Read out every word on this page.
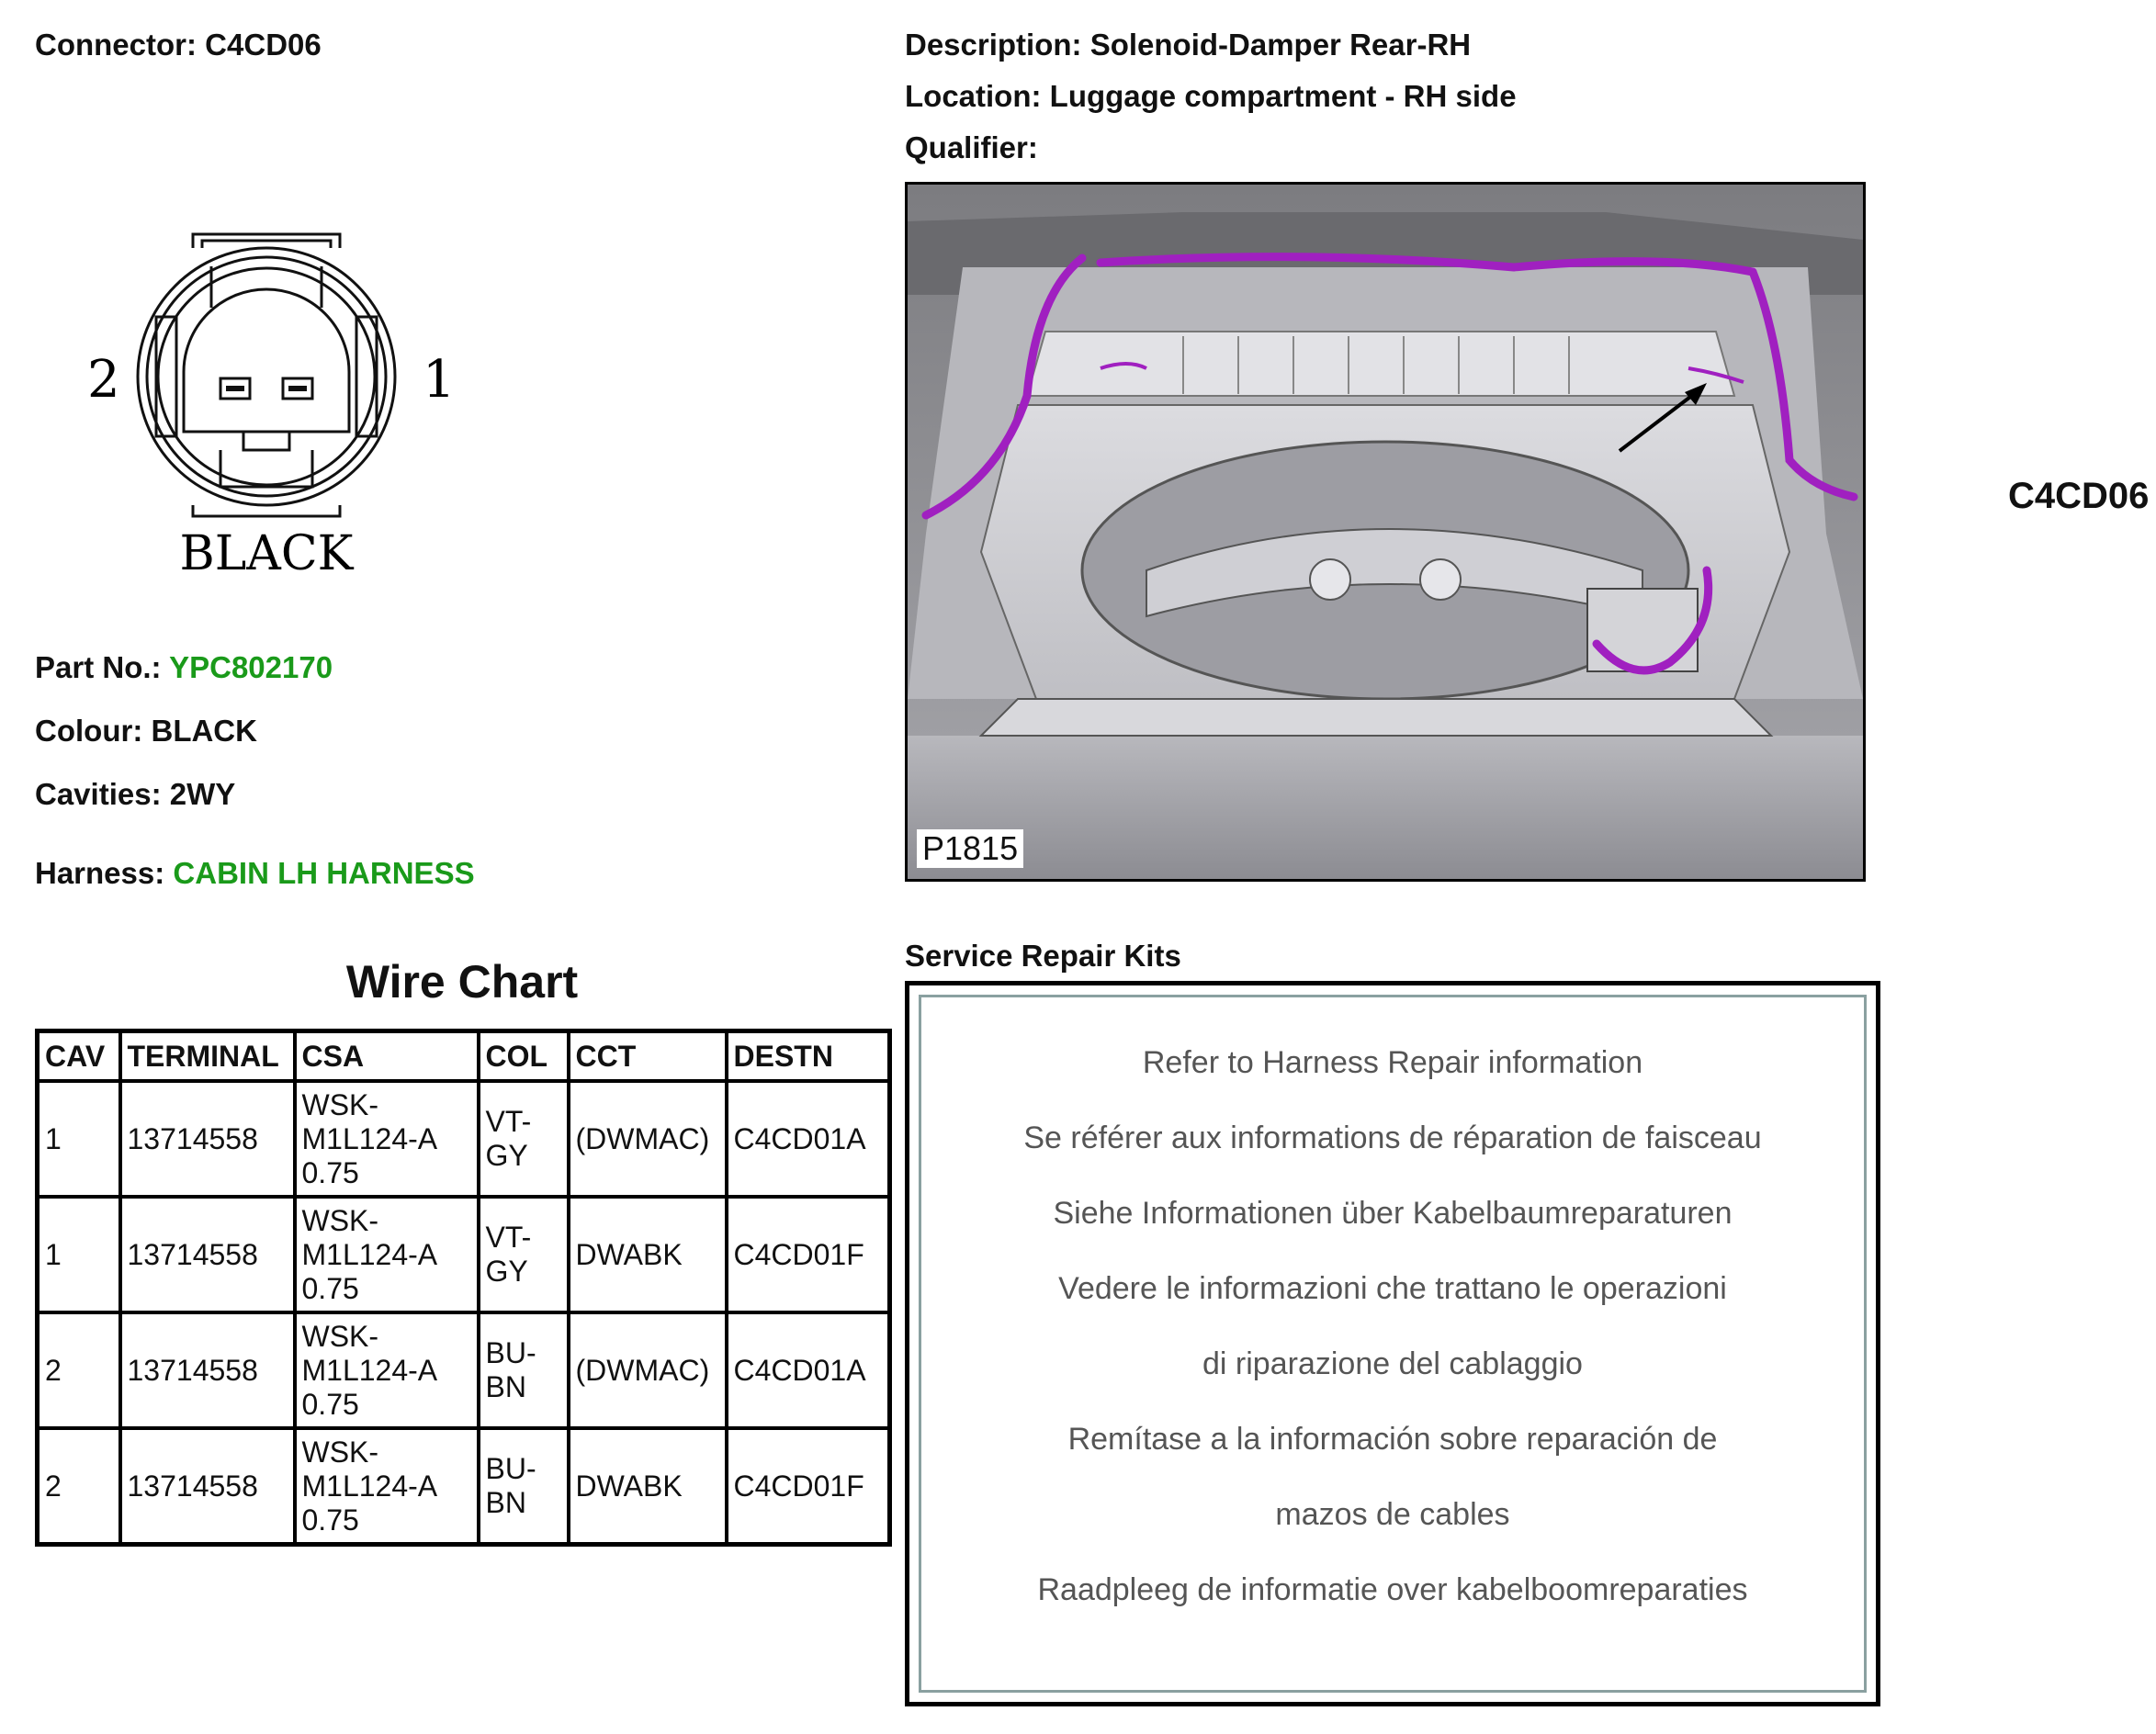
Connector: C4CD06	Description: Solenoid-Damper Rear-RH
Location: Luggage compartment - RH side
Qualifier:
2	1
BLACK
Part No.: YPC802170
Colour: BLACK
Cavities: 2WY
Harness: CABIN LH HARNESS
Wire Chart
CAV	TERMINAL	CSA	COL	CCT	DESTN
1	13714558	WSK-
M1L124-A
0.75	VT-
GY	(DWMAC)	C4CD01A
1	13714558	WSK-
M1L124-A
0.75	VT-
GY	DWABK	C4CD01F
2	13714558	WSK-
M1L124-A
0.75	BU-
BN	(DWMAC)	C4CD01A
2	13714558	WSK-
M1L124-A
0.75	BU-
BN	DWABK	C4CD01F
C4CD06
P1815
Service Repair Kits
Refer to Harness Repair information
Se référer aux informations de réparation de faisceau
Siehe Informationen über Kabelbaumreparaturen
Vedere le informazioni che trattano le operazioni
di riparazione del cablaggio
Remítase a la información sobre reparación de
mazos de cables
Raadpleeg de informatie over kabelboomreparaties
